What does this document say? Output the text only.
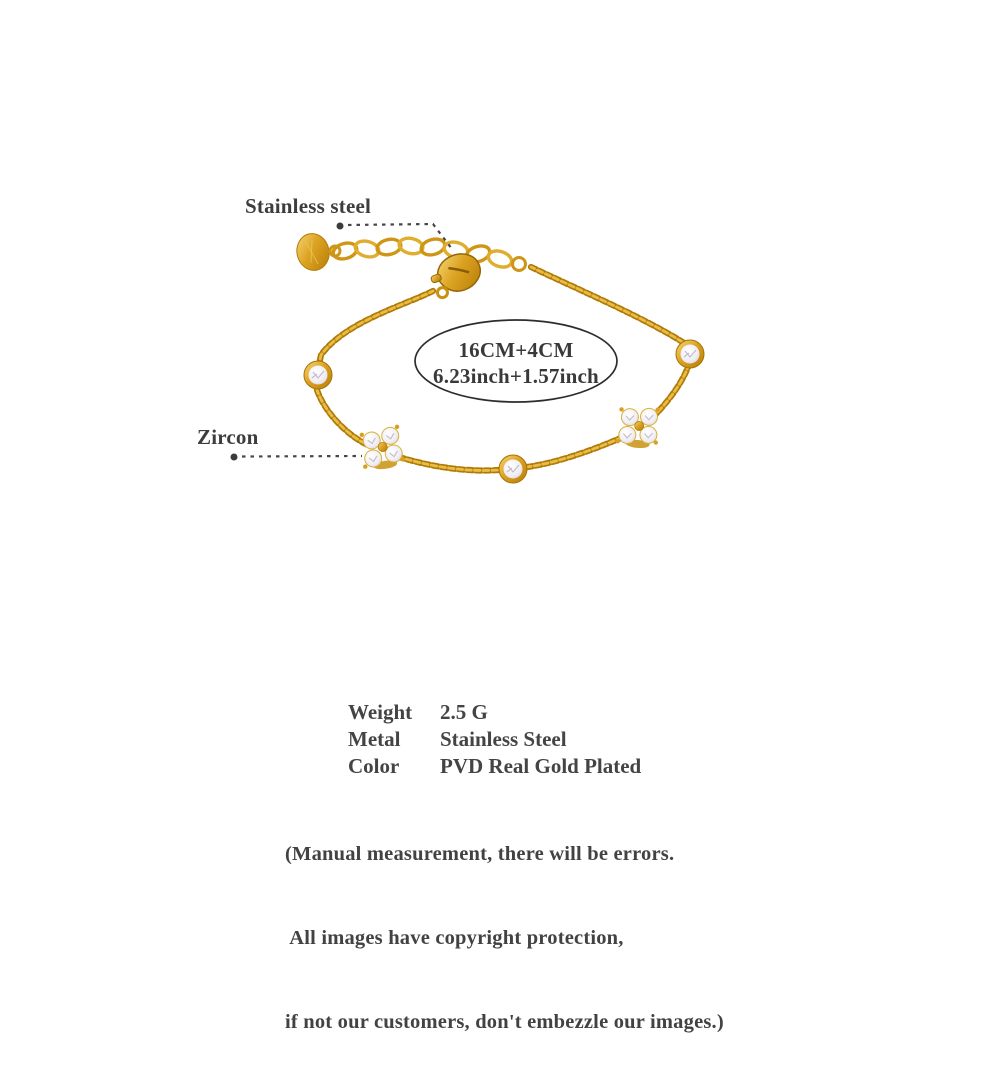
Stainless steel
Zircon
16CM+4CM
6.23inch+1.57inch
Weight	2.5 G
Metal	Stainless Steel
Color	PVD Real Gold Plated

(Manual measurement, there will be errors.

All images have copyright protection,

if not our customers, don't embezzle our images.)
